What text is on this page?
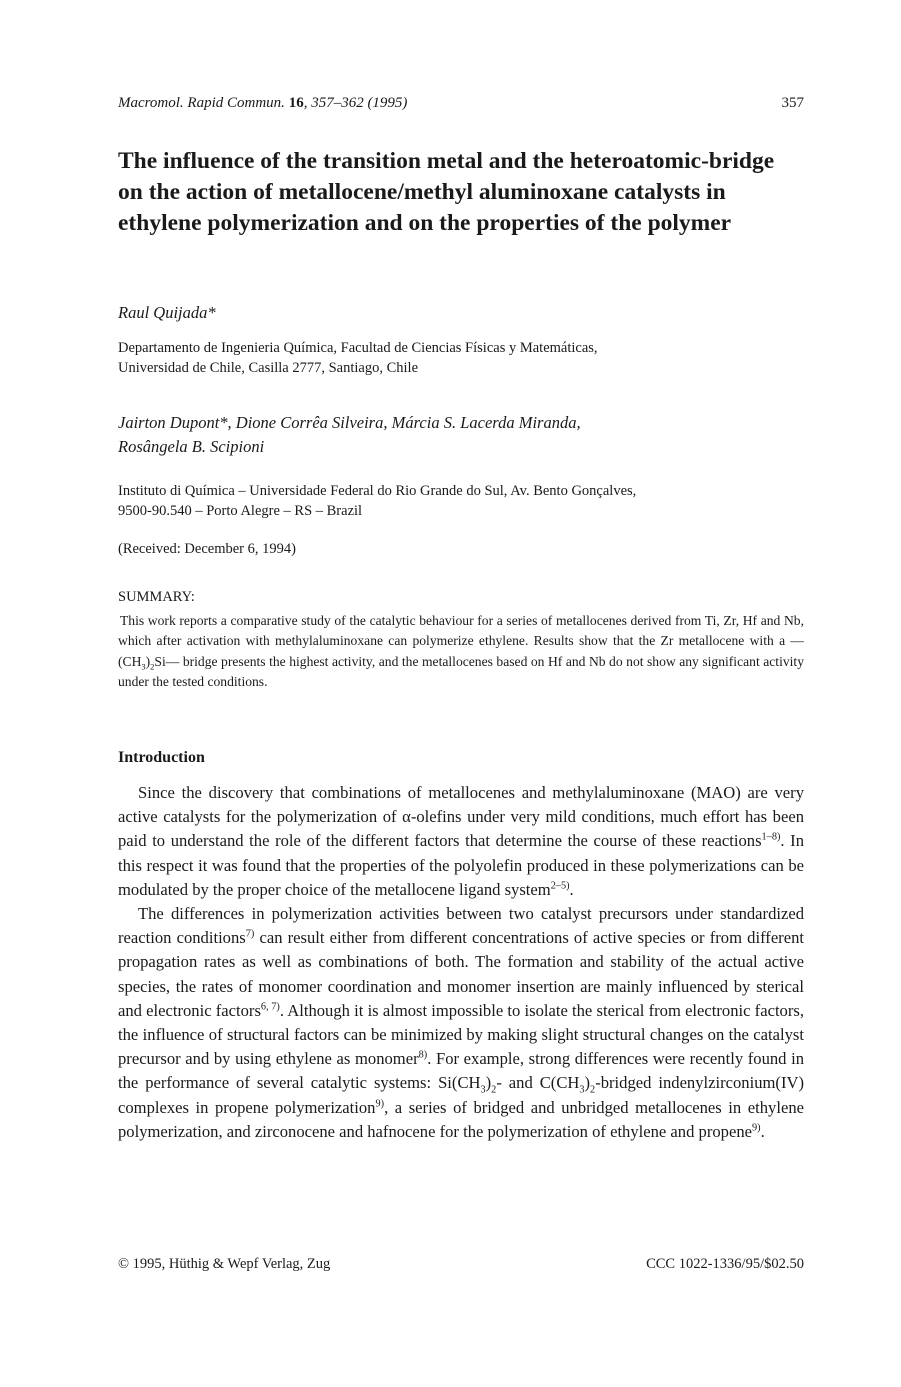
Macromol. Rapid Commun. 16, 357–362 (1995)	357
The influence of the transition metal and the heteroatomic-bridge on the action of metallocene/methyl aluminoxane catalysts in ethylene polymerization and on the properties of the polymer
Raul Quijada*
Departamento de Ingenieria Química, Facultad de Ciencias Físicas y Matemáticas,
Universidad de Chile, Casilla 2777, Santiago, Chile
Jairton Dupont*, Dione Corrêa Silveira, Márcia S. Lacerda Miranda,
Rosângela B. Scipioni
Instituto di Química – Universidade Federal do Rio Grande do Sul, Av. Bento Gonçalves,
9500-90.540 – Porto Alegre – RS – Brazil
(Received: December 6, 1994)
SUMMARY:
This work reports a comparative study of the catalytic behaviour for a series of metallocenes derived from Ti, Zr, Hf and Nb, which after activation with methylaluminoxane can polymerize ethylene. Results show that the Zr metallocene with a $—(CH_3)_2Si—$ bridge presents the highest activity, and the metallocenes based on Hf and Nb do not show any significant activity under the tested conditions.
Introduction

Since the discovery that combinations of metallocenes and methylaluminoxane (MAO) are very active catalysts for the polymerization of α-olefins under very mild conditions, much effort has been paid to understand the role of the different factors that determine the course of these reactions$^{1-8)}$. In this respect it was found that the properties of the polyolefin produced in these polymerizations can be modulated by the proper choice of the metallocene ligand system$^{2-5)}$.

The differences in polymerization activities between two catalyst precursors under standardized reaction conditions$^{7)}$ can result either from different concentrations of active species or from different propagation rates as well as combinations of both. The formation and stability of the actual active species, the rates of monomer coordination and monomer insertion are mainly influenced by sterical and electronic factors$^{6, 7)}$. Although it is almost impossible to isolate the sterical from electronic factors, the influence of structural factors can be minimized by making slight structural changes on the catalyst precursor and by using ethylene as monomer$^{8)}$. For example, strong differences were recently found in the performance of several catalytic systems: $Si(CH_3)_2-$ and $C(CH_3)_2$-bridged indenylzirconium(IV) complexes in propene polymerization$^{9)}$, a series of bridged and unbridged metallocenes in ethylene polymerization, and zirconocene and hafnocene for the polymerization of ethylene and propene$^{9)}$.

© 1995, Hüthig & Wepf Verlag, Zug	CCC 1022-1336/95/$02.50
